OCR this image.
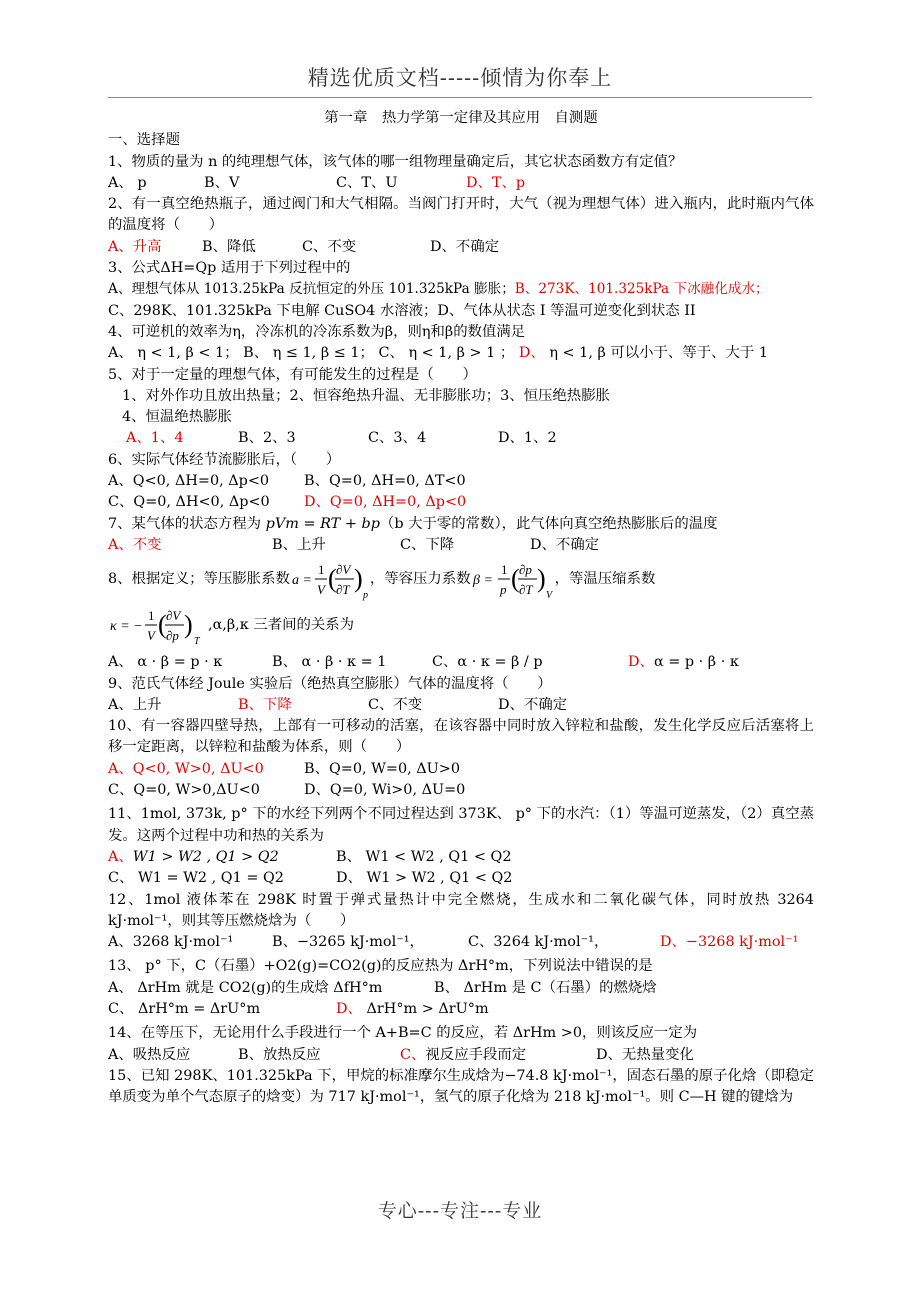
精选优质文档-----倾情为你奉上
第一章　热力学第一定律及其应用　自测题
一、选择题
1、物质的量为 n 的纯理想气体，该气体的哪一组物理量确定后，其它状态函数方有定值？
A、 p	B、V	C、T、U	D、T、p
2、有一真空绝热瓶子，通过阀门和大气相隔。当阀门打开时，大气（视为理想气体）进入瓶内，此时瓶内气体的温度将（　　）
A、升高	B、降低	C、不变	D、不确定
3、公式ΔH=Qp 适用于下列过程中的
A、理想气体从 1013.25kPa 反抗恒定的外压 101.325kPa 膨胀；B、273K、101.325kPa 下冰融化成水；
C、298K、101.325kPa 下电解 CuSO4 水溶液；D、气体从状态 I 等温可逆变化到状态 II
4、可逆机的效率为η，冷冻机的冷冻系数为β，则η和β的数值满足
A、 η < 1, β < 1； B、 η ≤ 1, β ≤ 1； C、 η < 1, β > 1 ； D、 η < 1, β 可以小于、等于、大于 1
5、对于一定量的理想气体，有可能发生的过程是（　　）
1、对外作功且放出热量；2、恒容绝热升温、无非膨胀功；3、恒压绝热膨胀
4、恒温绝热膨胀
A、1、4	B、2、3	C、3、4	D、1、2
6、实际气体经节流膨胀后，（　　）
A、Q<0, ΔH=0, Δp<0	B、Q=0, ΔH=0, ΔT<0
C、Q=0, ΔH<0, Δp<0	D、Q=0, ΔH=0, Δp<0
7、某气体的状态方程为 pVm = RT + bp（b 大于零的常数），此气体向真空绝热膨胀后的温度
A、不变	B、上升	C、下降	D、不确定
8、根据定义；等压膨胀系数 a =
1
V ( ∂V
∂T )
p
，等容压力系数 β =
1
p ( ∂p
∂T )
V
，等温压缩系数
κ = −
1
V ( ∂V
∂p )
T
,α,β,κ 三者间的关系为
A、 α · β = p · κ	B、 α · β · κ = 1	C、α · κ = β / p	D、α = p · β · κ
9、范氏气体经 Joule 实验后（绝热真空膨胀）气体的温度将（　　）
A、上升	B、下降	C、不变	D、不确定
10、有一容器四壁导热，上部有一可移动的活塞，在该容器中同时放入锌粒和盐酸，发生化学反应后活塞将上移一定距离，以锌粒和盐酸为体系，则（　　）
A、Q<0, W>0, ΔU<0	B、Q=0, W=0, ΔU>0
C、Q=0, W>0,ΔU<0	D、Q=0, Wi>0, ΔU=0
11、1mol, 373k, p° 下的水经下列两个不同过程达到 373K、 p° 下的水汽：（1）等温可逆蒸发，（2）真空蒸发。这两个过程中功和热的关系为
A、W1 > W2 , Q1 > Q2	B、 W1 < W2 , Q1 < Q2
C、 W1 = W2 , Q1 = Q2	D、 W1 > W2 , Q1 < Q2
12、1mol 液体苯在 298K 时置于弹式量热计中完全燃烧，生成水和二氧化碳气体，同时放热 3264 kJ·mol⁻¹，则其等压燃烧焓为（　　）
A、3268 kJ·mol⁻¹	B、−3265 kJ·mol⁻¹，	C、3264 kJ·mol⁻¹，	D、−3268 kJ·mol⁻¹
13、 p° 下，C（石墨）+O2(g)=CO2(g)的反应热为 ΔrH°m，下列说法中错误的是
A、 ΔrHm 就是 CO2(g)的生成焓 ΔfH°m	B、 ΔrHm 是 C（石墨）的燃烧焓
C、 ΔrH°m = ΔrU°m	D、 ΔrH°m > ΔrU°m
14、在等压下，无论用什么手段进行一个 A+B=C 的反应，若 ΔrHm >0，则该反应一定为
A、吸热反应	B、放热反应	C、视反应手段而定	D、无热量变化
15、已知 298K、101.325kPa 下，甲烷的标准摩尔生成焓为−74.8 kJ·mol⁻¹，固态石墨的原子化焓（即稳定单质变为单个气态原子的焓变）为 717 kJ·mol⁻¹，氢气的原子化焓为 218 kJ·mol⁻¹。则 C—H 键的键焓为
专心---专注---专业
